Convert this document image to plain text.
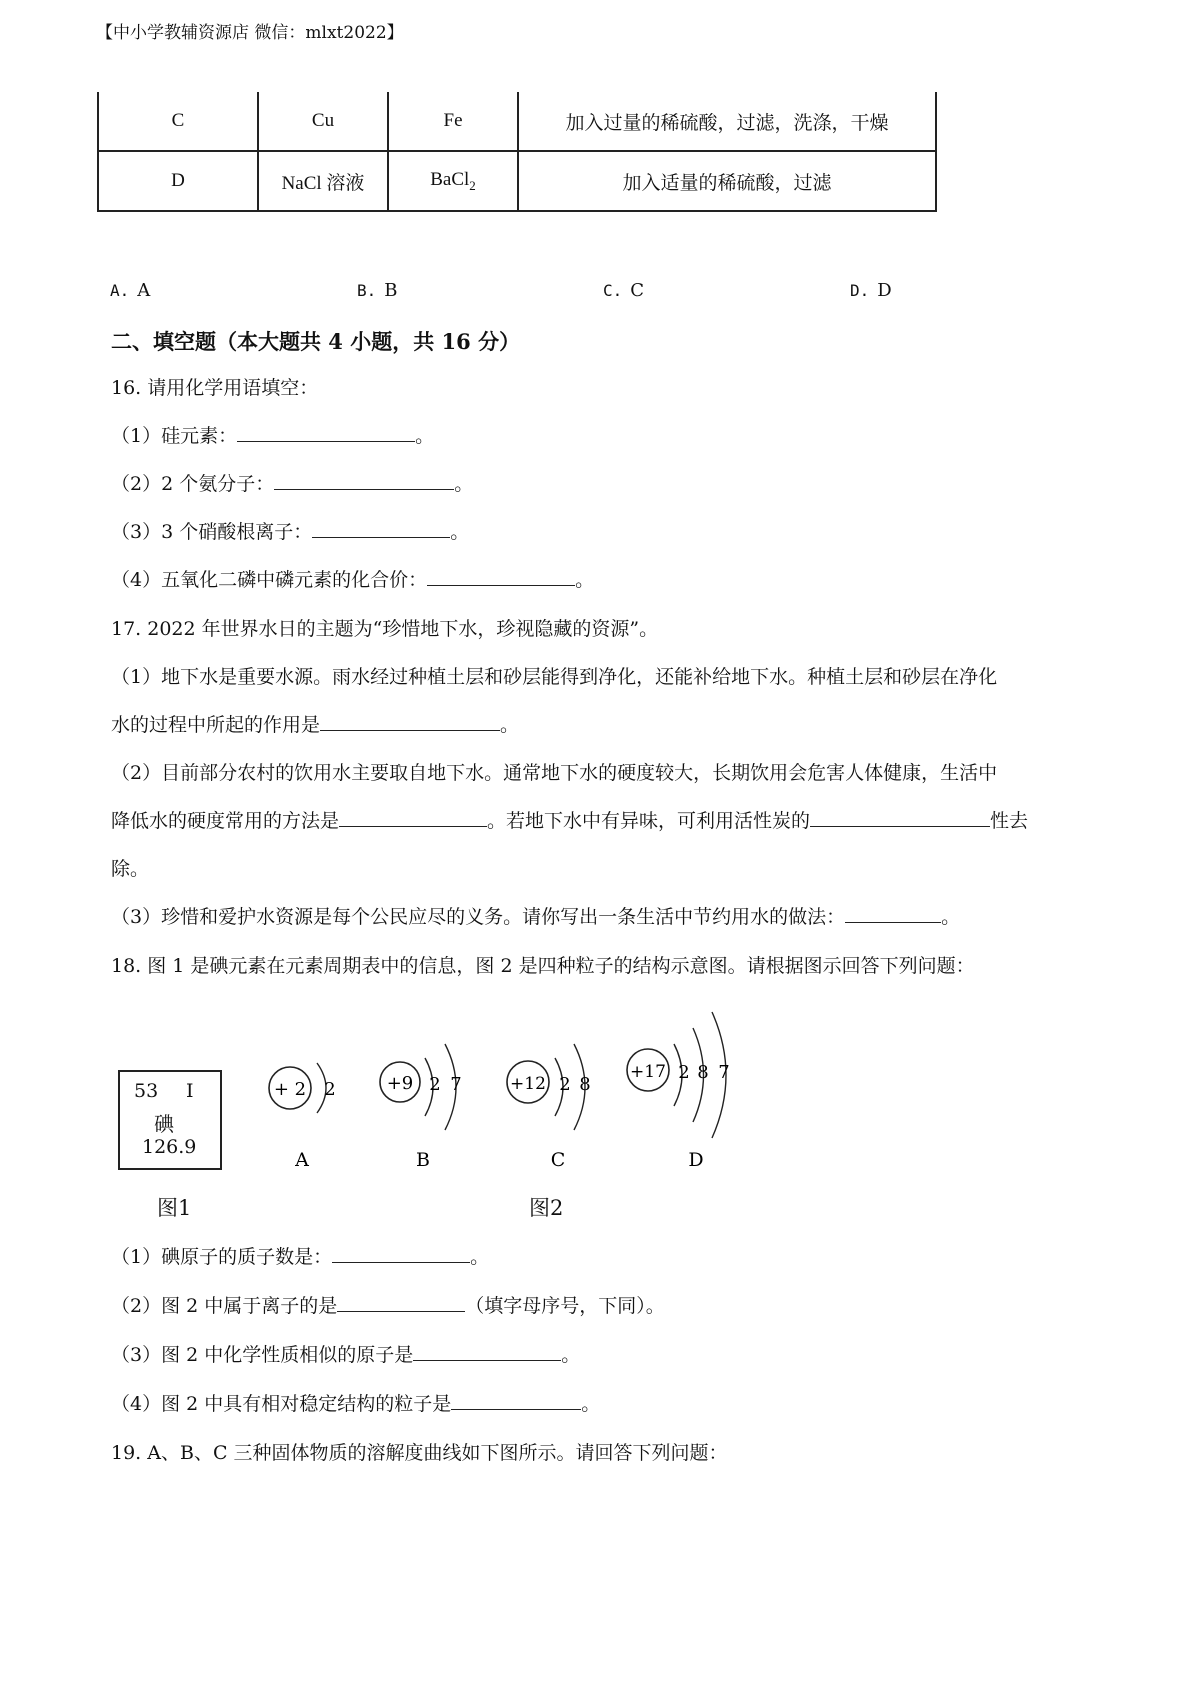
【中小学教辅资源店 微信：mlxt2022】
C	Cu	Fe	加入过量的稀硫酸，过滤，洗涤，干燥
D	NaCl 溶液	BaCl$_2$	加入适量的稀硫酸，过滤
A. A	B. B	C. C	D. D
二、填空题（本大题共 4 小题，共 16 分）
16. 请用化学用语填空：
（1）硅元素：	。
（2）2 个氨分子：	。
（3）3 个硝酸根离子：	。
（4）五氧化二磷中磷元素的化合价：	。
17. 2022 年世界水日的主题为“珍惜地下水，珍视隐藏的资源”。
（1）地下水是重要水源。雨水经过种植土层和砂层能得到净化，还能补给地下水。种植土层和砂层在净化
水的过程中所起的作用是	。
（2）目前部分农村的饮用水主要取自地下水。通常地下水的硬度较大，长期饮用会危害人体健康，生活中
降低水的硬度常用的方法是	。若地下水中有异味，可利用活性炭的	性去
除。
（3）珍惜和爱护水资源是每个公民应尽的义务。请你写出一条生活中节约用水的做法：	。
18. 图 1 是碘元素在元素周期表中的信息，图 2 是四种粒子的结构示意图。请根据图示回答下列问题：
53 I
碘
126.9
图1	图2
+ 2 2
A
+9 2 7
B
+12 2 8
C
+17 2 8 7
D
（1）碘原子的质子数是：	。
（2）图 2 中属于离子的是	（填字母序号，下同）。
（3）图 2 中化学性质相似的原子是	。
（4）图 2 中具有相对稳定结构的粒子是	。
19. A、B、C 三种固体物质的溶解度曲线如下图所示。请回答下列问题：
